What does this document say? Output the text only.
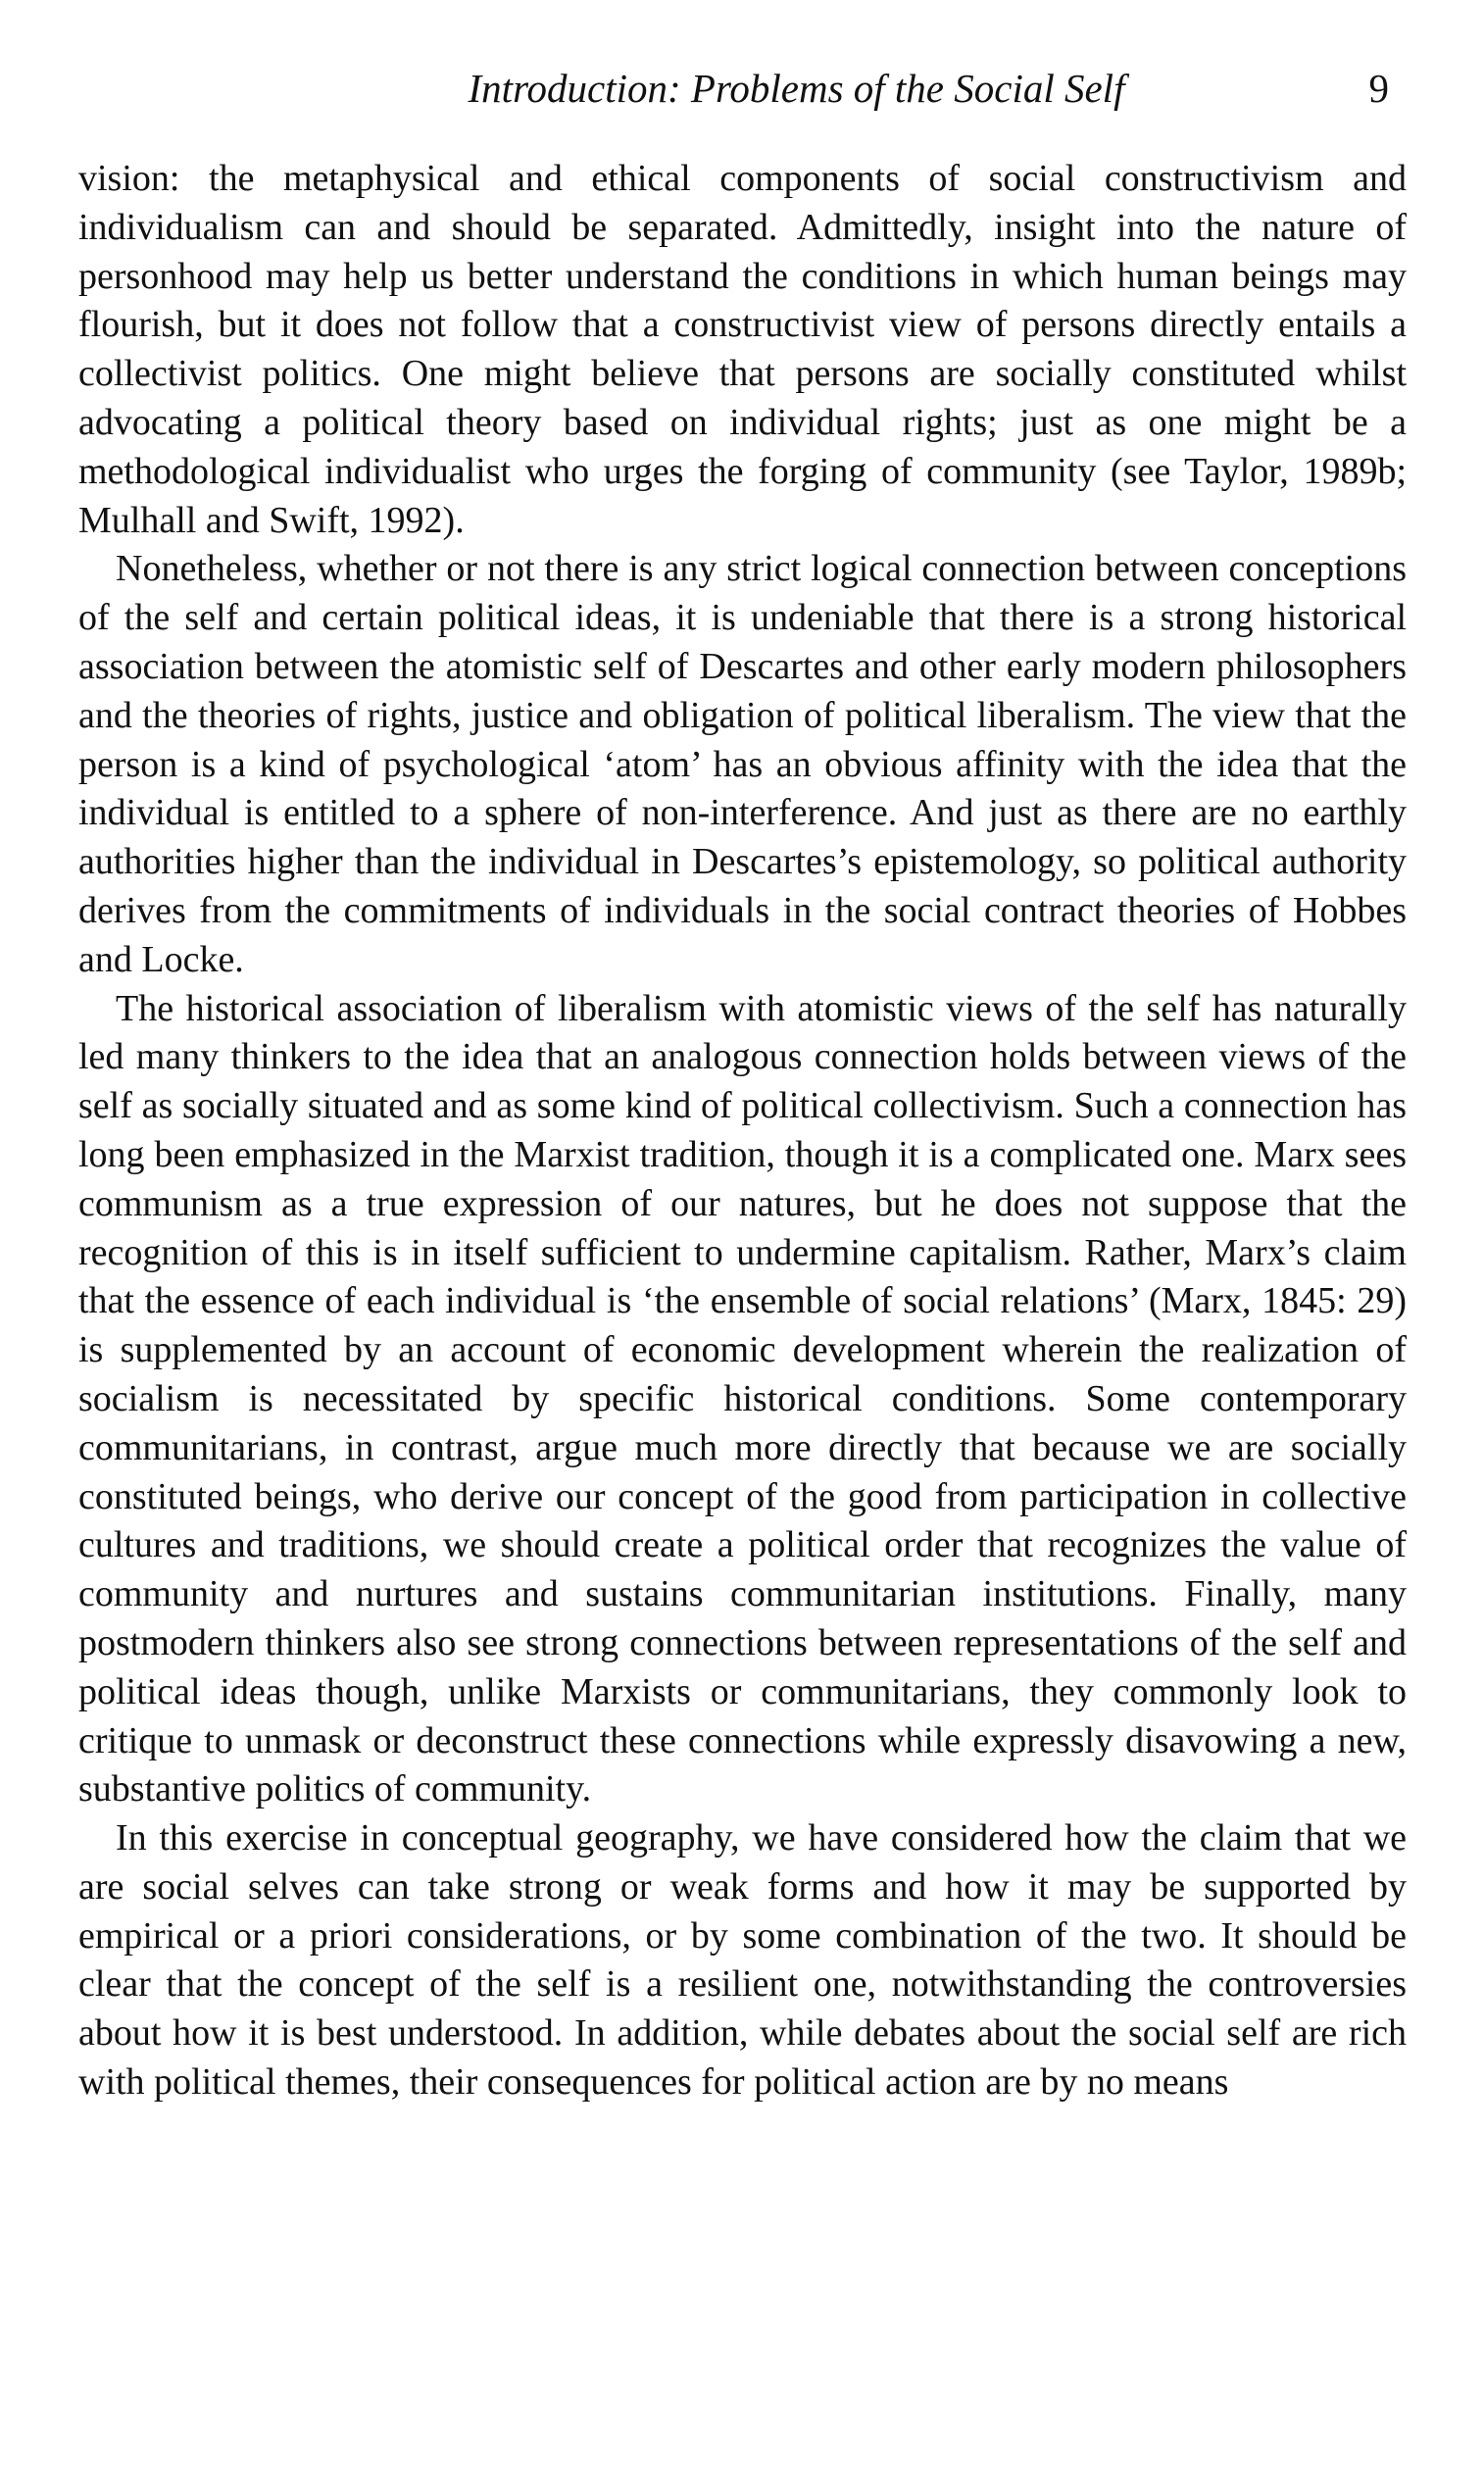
Introduction: Problems of the Social Self	9

vision: the metaphysical and ethical components of social constructivism and individualism can and should be separated. Admittedly, insight into the nature of personhood may help us better understand the conditions in which human beings may flourish, but it does not follow that a constructivist view of persons directly entails a collectivist politics. One might believe that persons are socially constituted whilst advocating a political theory based on individual rights; just as one might be a methodological individualist who urges the forging of community (see Taylor, 1989b; Mulhall and Swift, 1992).

Nonetheless, whether or not there is any strict logical connection between conceptions of the self and certain political ideas, it is undeniable that there is a strong historical association between the atomistic self of Descartes and other early modern philosophers and the theories of rights, justice and obligation of political liberalism. The view that the person is a kind of psychological ‘atom’ has an obvious affinity with the idea that the individual is entitled to a sphere of non-interference. And just as there are no earthly authorities higher than the individual in Descartes’s epistemology, so political authority derives from the commitments of individuals in the social contract theories of Hobbes and Locke.

The historical association of liberalism with atomistic views of the self has naturally led many thinkers to the idea that an analogous connection holds between views of the self as socially situated and as some kind of political collectivism. Such a connection has long been emphasized in the Marxist tradition, though it is a complicated one. Marx sees communism as a true expression of our natures, but he does not suppose that the recognition of this is in itself sufficient to undermine capitalism. Rather, Marx’s claim that the essence of each individual is ‘the ensemble of social relations’ (Marx, 1845: 29) is supplemented by an account of economic development wherein the realization of socialism is necessitated by specific historical conditions. Some contemporary communitarians, in contrast, argue much more directly that because we are socially constituted beings, who derive our concept of the good from participation in collective cultures and traditions, we should create a political order that recognizes the value of community and nurtures and sustains communitarian institutions. Finally, many postmodern thinkers also see strong connections between representations of the self and political ideas though, unlike Marxists or communitarians, they commonly look to critique to unmask or deconstruct these connections while expressly disavowing a new, substantive politics of community.

In this exercise in conceptual geography, we have considered how the claim that we are social selves can take strong or weak forms and how it may be supported by empirical or a priori considerations, or by some combination of the two. It should be clear that the concept of the self is a resilient one, notwithstanding the controversies about how it is best understood. In addition, while debates about the social self are rich with political themes, their consequences for political action are by no means
